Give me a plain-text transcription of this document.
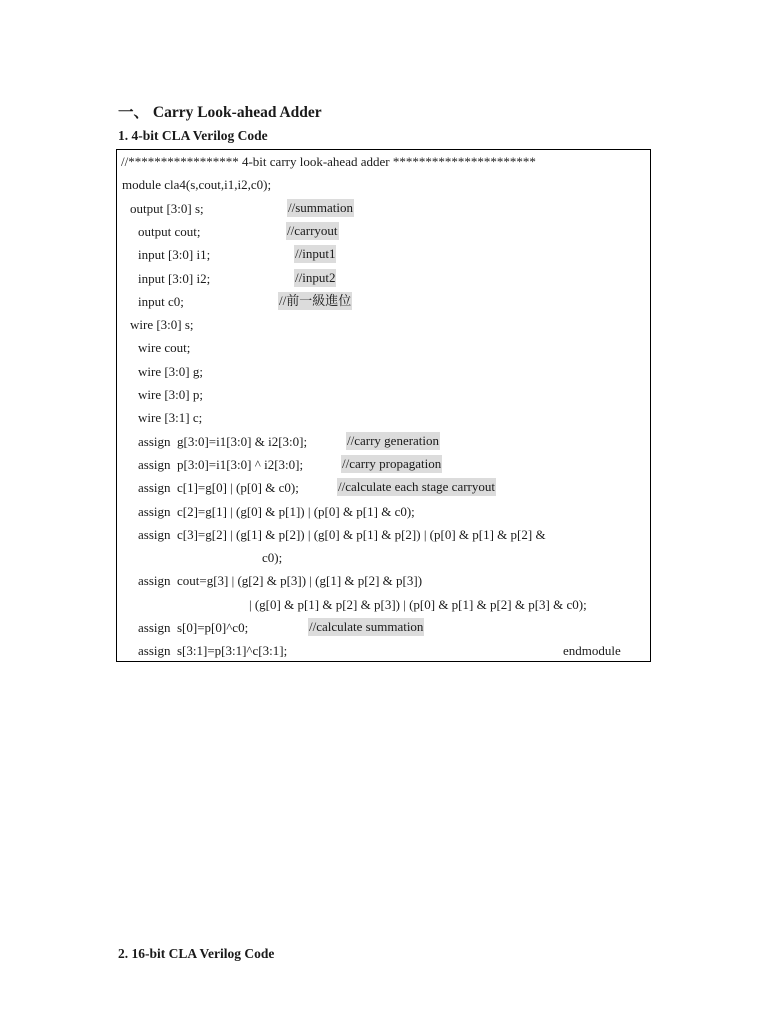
一、 Carry Look-ahead Adder
1. 4-bit CLA Verilog Code

//***************** 4-bit carry look-ahead adder **********************

module cla4(s,cout,i1,i2,c0);

output [3:0] s;

	//summation

output cout;

	//carryout

input [3:0] i1;

	//input1

input [3:0] i2;

	//input2

input c0;

	//前一級進位

wire [3:0] s;

wire cout;

wire [3:0] g;

wire [3:0] p;

wire [3:1] c;

assign  g[3:0]=i1[3:0] & i2[3:0];

	//carry generation

assign  p[3:0]=i1[3:0] ^ i2[3:0];

	//carry propagation

assign  c[1]=g[0] | (p[0] & c0);

	//calculate each stage carryout

assign  c[2]=g[1] | (g[0] & p[1]) | (p[0] & p[1] & c0);

assign  c[3]=g[2] | (g[1] & p[2]) | (g[0] & p[1] & p[2]) | (p[0] & p[1] & p[2] &

c0);

assign  cout=g[3] | (g[2] & p[3]) | (g[1] & p[2] & p[3])

| (g[0] & p[1] & p[2] & p[3]) | (p[0] & p[1] & p[2] & p[3] & c0);

assign  s[0]=p[0]^c0;

	//calculate summation

assign  s[3:1]=p[3:1]^c[3:1];

	endmodule

2. 16-bit CLA Verilog Code
